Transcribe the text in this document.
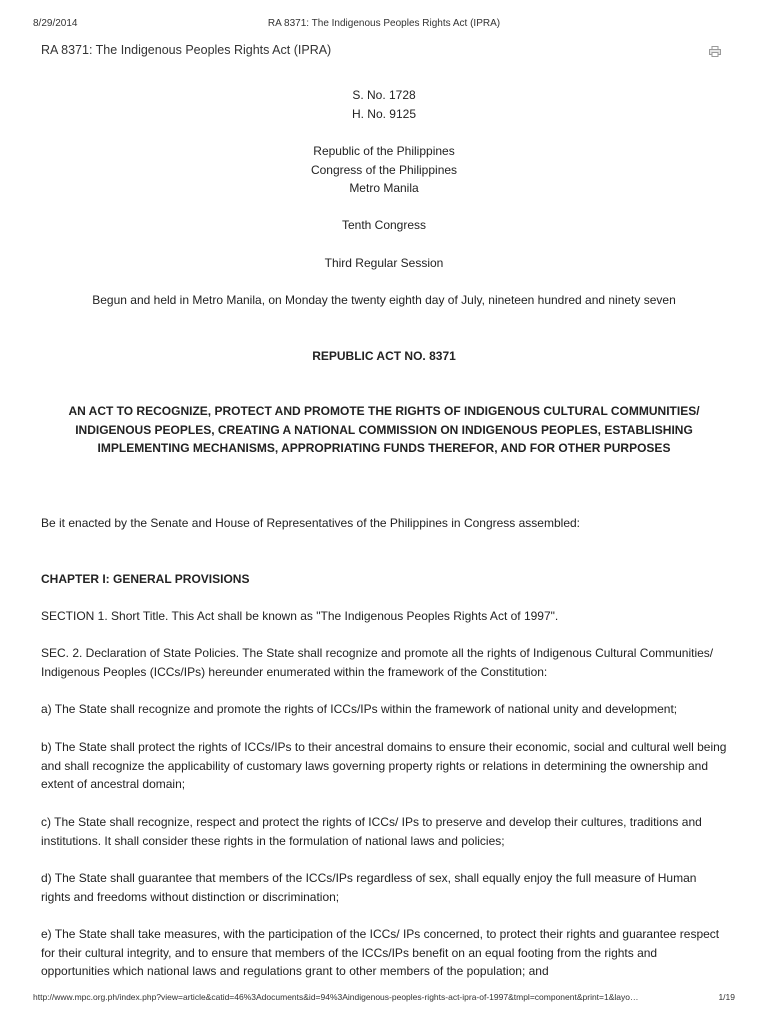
8/29/2014	RA 8371: The Indigenous Peoples Rights Act (IPRA)
RA 8371: The Indigenous Peoples Rights Act (IPRA)
S. No. 1728
H. No. 9125
Republic of the Philippines
Congress of the Philippines
Metro Manila
Tenth Congress
Third Regular Session
Begun and held in Metro Manila, on Monday the twenty eighth day of July, nineteen hundred and ninety seven
REPUBLIC ACT NO. 8371
AN ACT TO RECOGNIZE, PROTECT AND PROMOTE THE RIGHTS OF INDIGENOUS CULTURAL COMMUNITIES/ INDIGENOUS PEOPLES, CREATING A NATIONAL COMMISSION ON INDIGENOUS PEOPLES, ESTABLISHING IMPLEMENTING MECHANISMS, APPROPRIATING FUNDS THEREFOR, AND FOR OTHER PURPOSES
Be it enacted by the Senate and House of Representatives of the Philippines in Congress assembled:
CHAPTER I: GENERAL PROVISIONS
SECTION 1. Short Title. This Act shall be known as "The Indigenous Peoples Rights Act of 1997".
SEC. 2. Declaration of State Policies. The State shall recognize and promote all the rights of Indigenous Cultural Communities/ Indigenous Peoples (ICCs/IPs) hereunder enumerated within the framework of the Constitution:
a) The State shall recognize and promote the rights of ICCs/IPs within the framework of national unity and development;
b) The State shall protect the rights of ICCs/IPs to their ancestral domains to ensure their economic, social and cultural well being and shall recognize the applicability of customary laws governing property rights or relations in determining the ownership and extent of ancestral domain;
c) The State shall recognize, respect and protect the rights of ICCs/ IPs to preserve and develop their cultures, traditions and institutions. It shall consider these rights in the formulation of national laws and policies;
d) The State shall guarantee that members of the ICCs/IPs regardless of sex, shall equally enjoy the full measure of Human rights and freedoms without distinction or discrimination;
e) The State shall take measures, with the participation of the ICCs/ IPs concerned, to protect their rights and guarantee respect for their cultural integrity, and to ensure that members of the ICCs/IPs benefit on an equal footing from the rights and opportunities which national laws and regulations grant to other members of the population; and
http://www.mpc.org.ph/index.php?view=article&catid=46%3Adocuments&id=94%3Aindigenous-peoples-rights-act-ipra-of-1997&tmpl=component&print=1&layo…	1/19
